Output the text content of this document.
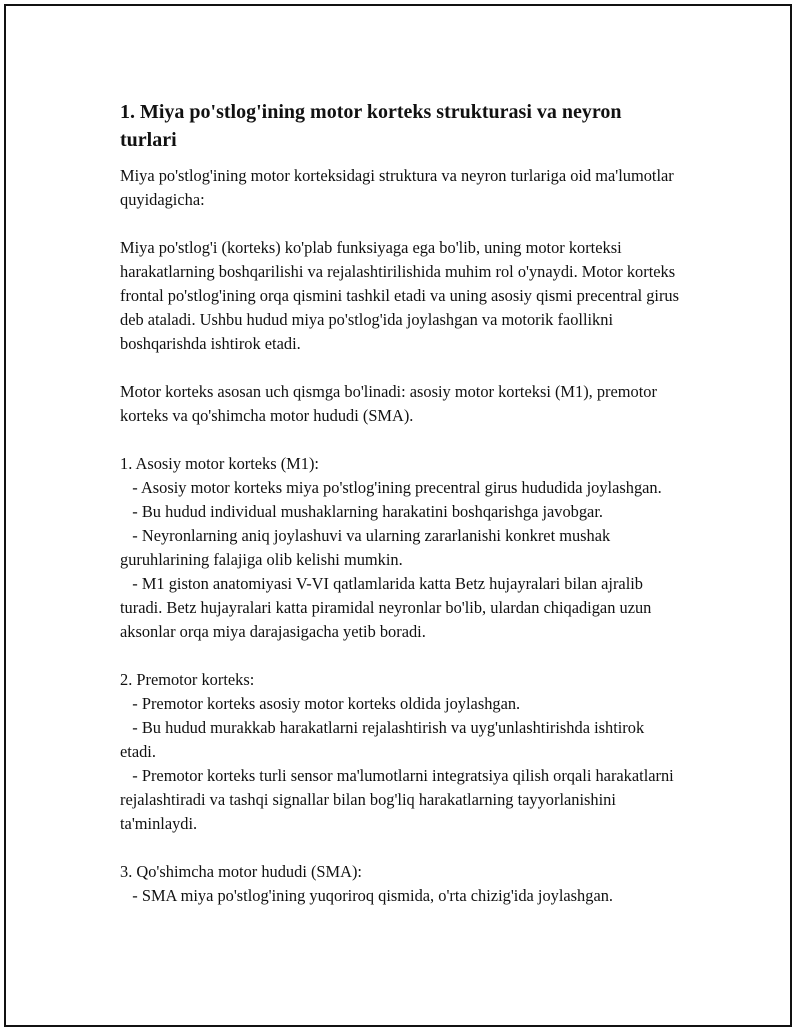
1. Miya po'stlog'ining motor korteks strukturasi va neyron turlari

Miya po'stlog'ining motor korteksidagi struktura va neyron turlariga oid ma'lumotlar quyidagicha:

Miya po'stlog'i (korteks) ko'plab funksiyaga ega bo'lib, uning motor korteksi harakatlarning boshqarilishi va rejalashtirilishida muhim rol o'ynaydi. Motor korteks frontal po'stlog'ining orqa qismini tashkil etadi va uning asosiy qismi precentral girus deb ataladi. Ushbu hudud miya po'stlog'ida joylashgan va motorik faollikni boshqarishda ishtirok etadi.

Motor korteks asosan uch qismga bo'linadi: asosiy motor korteksi (M1), premotor korteks va qo'shimcha motor hududi (SMA).

1. Asosiy motor korteks (M1):

- Asosiy motor korteks miya po'stlog'ining precentral girus hududida joylashgan.

- Bu hudud individual mushaklarning harakatini boshqarishga javobgar.

- Neyronlarning aniq joylashuvi va ularning zararlanishi konkret mushak guruhlarining falajiga olib kelishi mumkin.

- M1 giston anatomiyasi V-VI qatlamlarida katta Betz hujayralari bilan ajralib turadi. Betz hujayralari katta piramidal neyronlar bo'lib, ulardan chiqadigan uzun aksonlar orqa miya darajasigacha yetib boradi.

2. Premotor korteks:

- Premotor korteks asosiy motor korteks oldida joylashgan.

- Bu hudud murakkab harakatlarni rejalashtirish va uyg'unlashtirishda ishtirok etadi.

- Premotor korteks turli sensor ma'lumotlarni integratsiya qilish orqali harakatlarni rejalashtiradi va tashqi signallar bilan bog'liq harakatlarning tayyorlanishini ta'minlaydi.

3. Qo'shimcha motor hududi (SMA):

- SMA miya po'stlog'ining yuqoriroq qismida, o'rta chizig'ida joylashgan.
